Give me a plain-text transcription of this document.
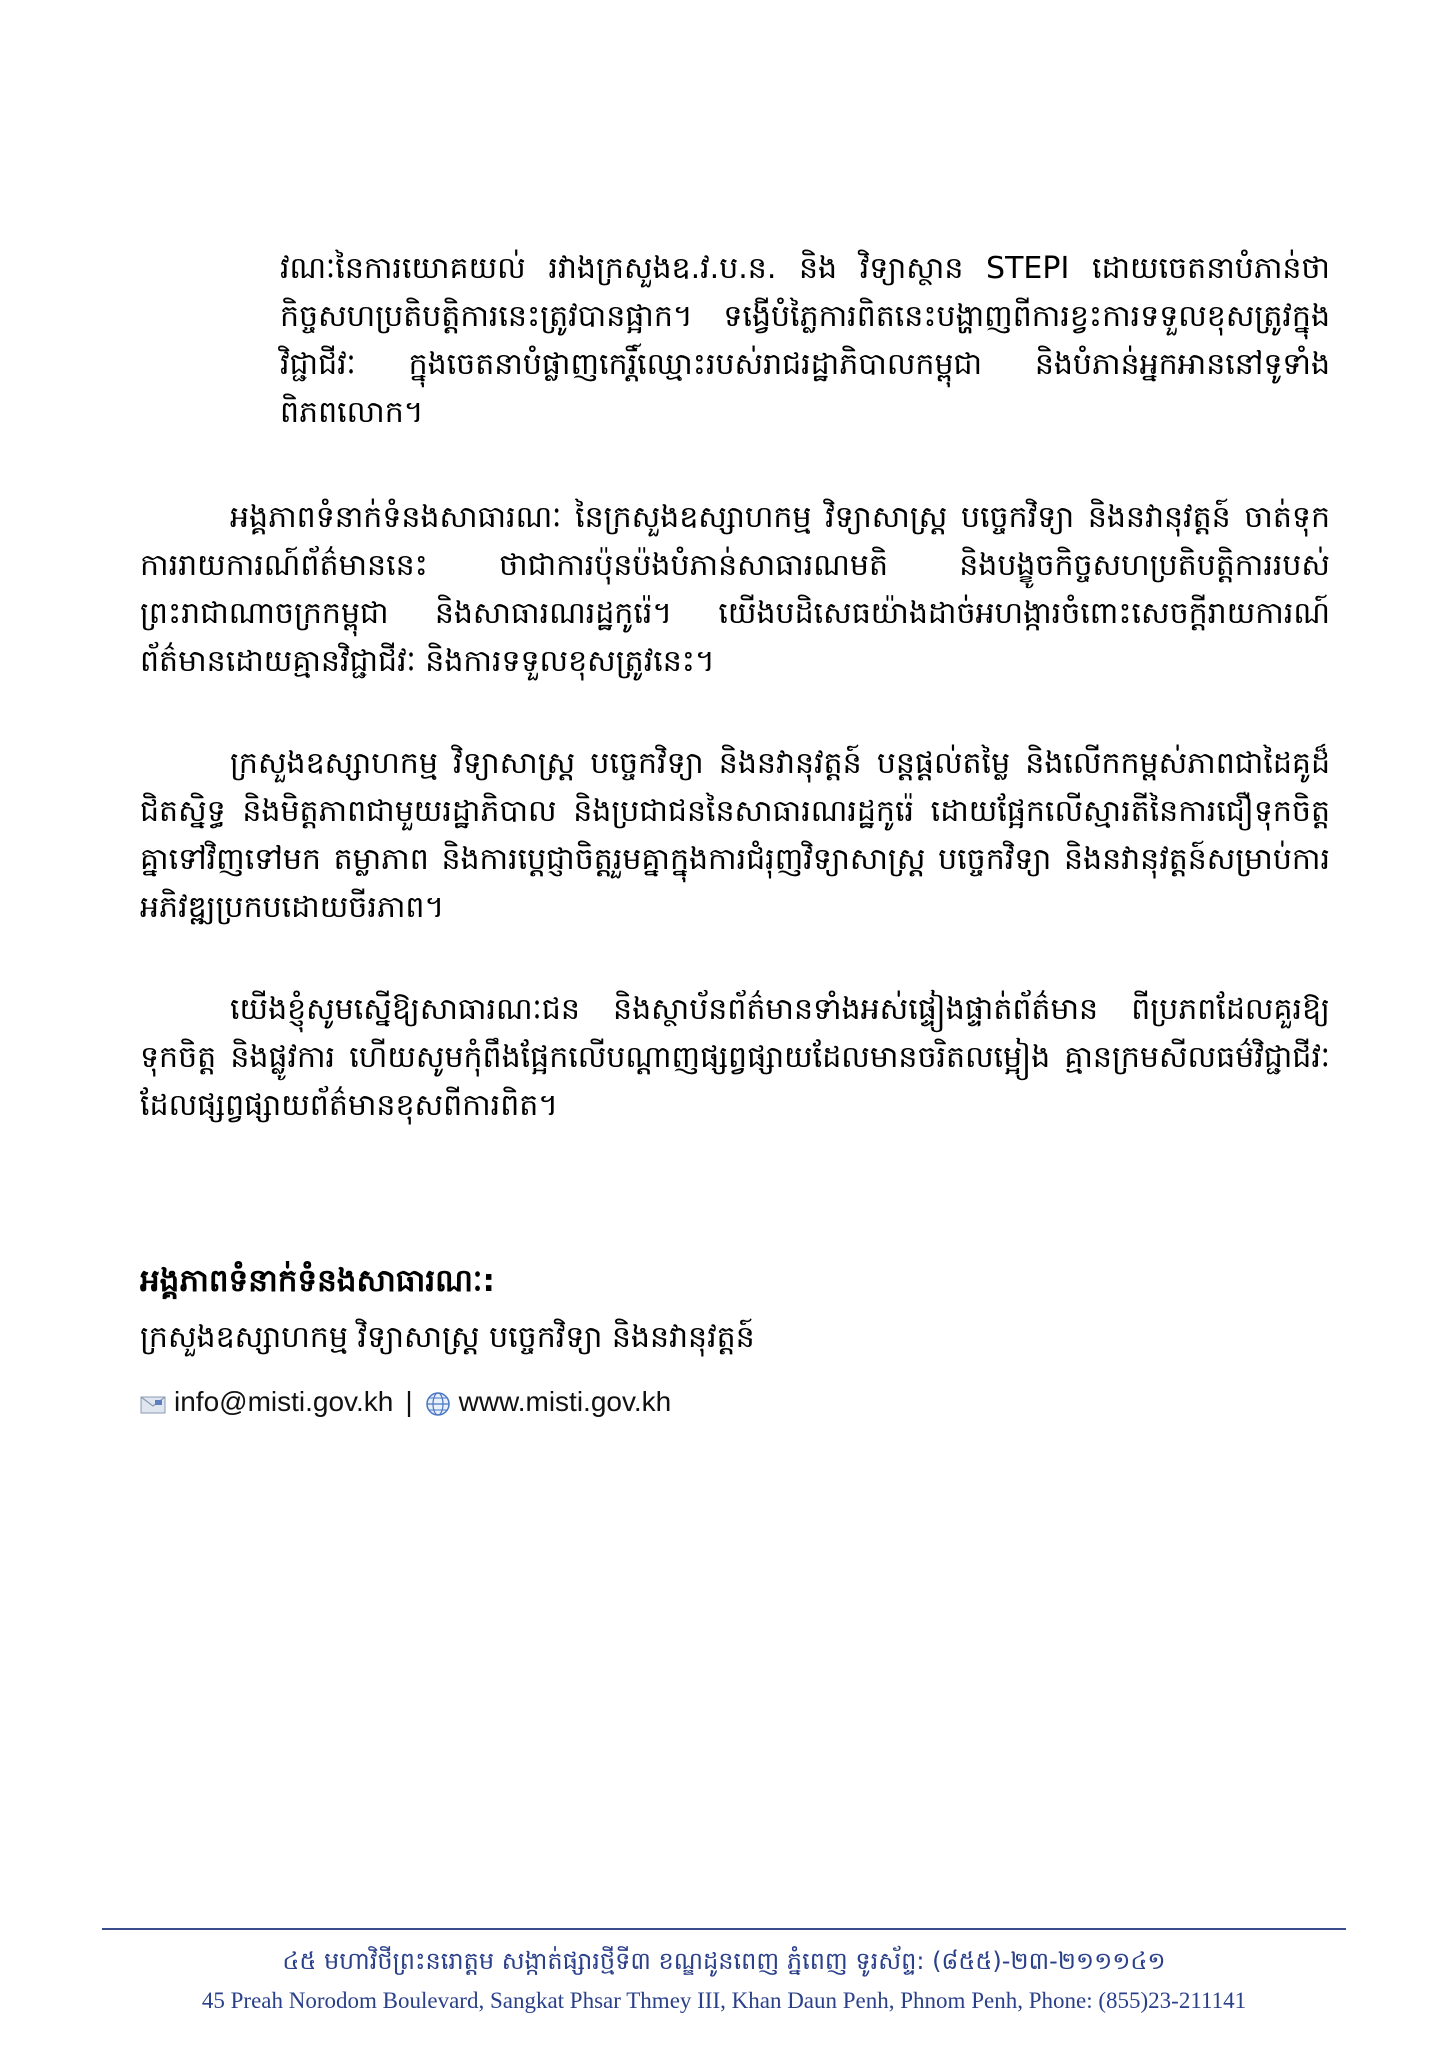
វណៈនៃការយោគយល់ រវាងក្រសួងឧ.វ.ប.ន. និង វិទ្យាស្ថាន STEPI ដោយចេតនាបំភាន់ថា កិច្ចសហប្រតិបត្តិការនេះត្រូវបានផ្អាក។ ទង្វើបំភ្លៃការពិតនេះបង្ហាញពីការខ្វះការទទួលខុសត្រូវក្នុងវិជ្ជាជីវៈ ក្នុងចេតនាបំផ្លាញកេរ្តិ៍ឈ្មោះរបស់រាជរដ្ឋាភិបាលកម្ពុជា និងបំភាន់អ្នកអាននៅទូទាំងពិភពលោក។

អង្គភាពទំនាក់ទំនងសាធារណៈ នៃក្រសួងឧស្សាហកម្ម វិទ្យាសាស្ត្រ បច្ចេកវិទ្យា និងនវានុវត្តន៍ ចាត់ទុកការរាយការណ៍ព័ត៌មាននេះ ថាជាការប៉ុនប៉ងបំភាន់សាធារណមតិ និងបង្ខូចកិច្ចសហប្រតិបត្តិការរបស់ព្រះរាជាណាចក្រកម្ពុជា និងសាធារណរដ្ឋកូរ៉េ។ យើងបដិសេធយ៉ាងដាច់អហង្ការចំពោះសេចក្ដីរាយការណ៍ព័ត៌មានដោយគ្មានវិជ្ជាជីវៈ និងការទទួលខុសត្រូវនេះ។

ក្រសួងឧស្សាហកម្ម វិទ្យាសាស្ត្រ បច្ចេកវិទ្យា និងនវានុវត្តន៍ បន្តផ្ដល់តម្លៃ និងលើកកម្ពស់ភាពជាដៃគូដ៏ជិតស្និទ្ធ និងមិត្តភាពជាមួយរដ្ឋាភិបាល និងប្រជាជននៃសាធារណរដ្ឋកូរ៉េ ដោយផ្អែកលើស្មារតីនៃការជឿទុកចិត្តគ្នាទៅវិញទៅមក តម្លាភាព និងការប្ដេជ្ញាចិត្តរួមគ្នាក្នុងការជំរុញវិទ្យាសាស្ត្រ បច្ចេកវិទ្យា និងនវានុវត្តន៍សម្រាប់ការអភិវឌ្ឍប្រកបដោយចីរភាព។

យើងខ្ញុំសូមស្នើឱ្យសាធារណៈជន និងស្ថាប័នព័ត៌មានទាំងអស់ផ្ទៀងផ្ទាត់ព័ត៌មាន ពីប្រភពដែលគួរឱ្យទុកចិត្ត និងផ្លូវការ ហើយសូមកុំពឹងផ្អែកលើបណ្ដាញផ្សព្វផ្សាយដែលមានចរិតលម្អៀង គ្មានក្រមសីលធម៌វិជ្ជាជីវៈ ដែលផ្សព្វផ្សាយព័ត៌មានខុសពីការពិត។

អង្គភាពទំនាក់ទំនងសាធារណៈ:

ក្រសួងឧស្សាហកម្ម វិទ្យាសាស្ត្រ បច្ចេកវិទ្យា និងនវានុវត្តន៍

info@misti.gov.kh | www.misti.gov.kh

៤៥ មហាវិថីព្រះនរោត្តម សង្កាត់ផ្សារថ្មីទី៣ ខណ្ឌដូនពេញ ភ្នំពេញ ទូរស័ព្ទ: (៨៥៥)-២៣-២១១១៤១

45 Preah Norodom Boulevard, Sangkat Phsar Thmey III, Khan Daun Penh, Phnom Penh, Phone: (855)23-211141
